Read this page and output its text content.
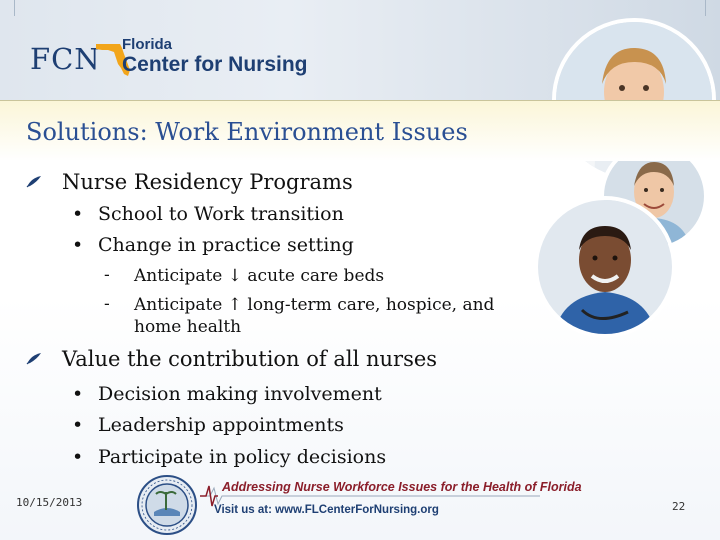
FCN Florida
Center for Nursing
Solutions: Work Environment Issues
Nurse Residency Programs
• School to Work transition
• Change in practice setting
- Anticipate ↓ acute care beds
- Anticipate ↑ long-term care, hospice, and home health
Value the contribution of all nurses
• Decision making involvement
• Leadership appointments
• Participate in policy decisions
10/15/2013
Addressing Nurse Workforce Issues for the Health of Florida
Visit us at: www.FLCenterForNursing.org	22
